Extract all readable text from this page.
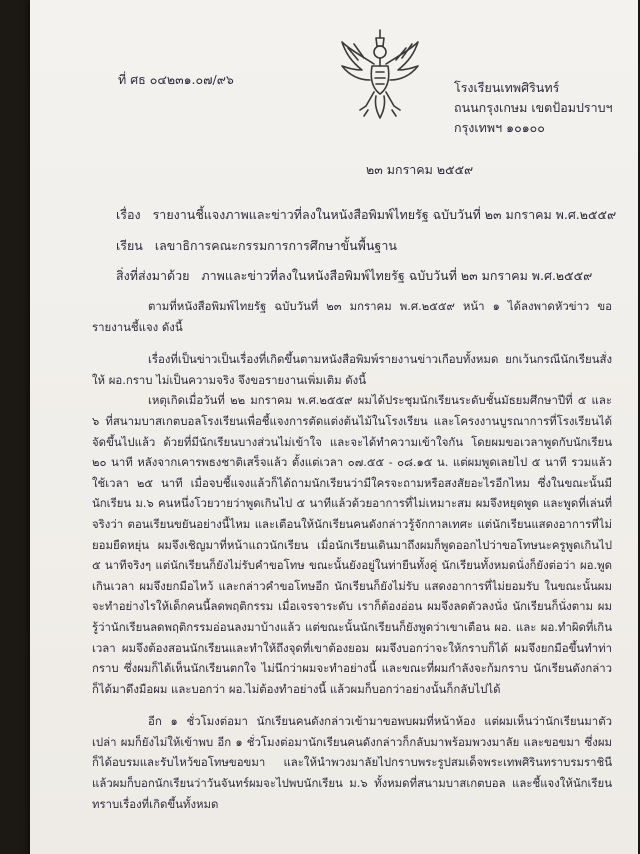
ที่ ศธ ๐๔๒๓๑.๐๗/๙๖
โรงเรียนเทพศิรินทร์
ถนนกรุงเกษม เขตป้อมปราบฯ
กรุงเทพฯ ๑๐๑๐๐
๒๓ มกราคม ๒๕๕๙
เรื่อง รายงานชี้แจงภาพและข่าวที่ลงในหนังสือพิมพ์ไทยรัฐ ฉบับวันที่ ๒๓ มกราคม พ.ศ.๒๕๕๙
เรียน เลขาธิการคณะกรรมการการศึกษาขั้นพื้นฐาน
สิ่งที่ส่งมาด้วย ภาพและข่าวที่ลงในหนังสือพิมพ์ไทยรัฐ ฉบับวันที่ ๒๓ มกราคม พ.ศ.๒๕๕๙

ตามที่หนังสือพิมพ์ไทยรัฐ ฉบับวันที่ ๒๓ มกราคม พ.ศ.๒๕๕๙ หน้า ๑ ได้ลงพาดหัวข่าว ขอรายงานชี้แจง ดังนี้

เรื่องที่เป็นข่าวเป็นเรื่องที่เกิดขึ้นตามหนังสือพิมพ์รายงานข่าวเกือบทั้งหมด ยกเว้นกรณีนักเรียนสั่งให้ ผอ.กราบ ไม่เป็นความจริง จึงขอรายงานเพิ่มเติม ดังนี้

เหตุเกิดเมื่อวันที่ ๒๒ มกราคม พ.ศ.๒๕๕๙ ผมได้ประชุมนักเรียนระดับชั้นมัธยมศึกษาปีที่ ๕ และ ๖ ที่สนามบาสเกตบอลโรงเรียนเพื่อชี้แจงการตัดแต่งต้นไม้ในโรงเรียน และโครงงานบูรณาการที่โรงเรียนได้จัดขึ้นไปแล้ว ด้วยที่มีนักเรียนบางส่วนไม่เข้าใจ และจะได้ทำความเข้าใจกัน โดยผมขอเวลาพูดกับนักเรียน ๒๐ นาที หลังจากเคารพธงชาติเสร็จแล้ว ตั้งแต่เวลา ๐๗.๕๕ - ๐๘.๑๕ น. แต่ผมพูดเลยไป ๕ นาที รวมแล้วใช้เวลา ๒๕ นาที เมื่อจบชี้แจงแล้วก็ได้ถามนักเรียนว่ามีใครจะถามหรือสงสัยอะไรอีกไหม ซึ่งในขณะนั้นมีนักเรียน ม.๖ คนหนึ่งโวยวายว่าพูดเกินไป ๕ นาทีแล้วด้วยอาการที่ไม่เหมาะสม ผมจึงหยุดพูด และพูดที่เล่นที่จริงว่า ตอนเรียนขยันอย่างนี้ไหม และเตือนให้นักเรียนคนดังกล่าวรู้จักกาลเทศะ แต่นักเรียนแสดงอาการที่ไม่ยอมยืดหยุ่น ผมจึงเชิญมาที่หน้าแถวนักเรียน เมื่อนักเรียนเดินมาถึงผมก็พูดออกไปว่าขอโทษนะครูพูดเกินไป ๕ นาทีจริงๆ แต่นักเรียนก็ยังไม่รับคำขอโทษ ขณะนั้นยังอยู่ในท่ายืนทั้งคู่ นักเรียนทั้งหมดนั่งก็ยังต่อว่า ผอ.พูดเกินเวลา ผมจึงยกมือไหว้ และกล่าวคำขอโทษอีก นักเรียนก็ยังไม่รับ แสดงอาการที่ไม่ยอมรับ ในขณะนั้นผมจะทำอย่างไรให้เด็กคนนี้ลดพฤติกรรม เมื่อเจรจาระดับ เราก็ต้องอ่อน ผมจึงลดตัวลงนั่ง นักเรียนก็นั่งตาม ผมรู้ว่านักเรียนลดพฤติกรรมอ่อนลงมาบ้างแล้ว แต่ขณะนั้นนักเรียนก็ยังพูดว่าเขาเตือน ผอ. และ ผอ.ทำผิดที่เกินเวลา ผมจึงต้องสอนนักเรียนและทำให้ถึงจุดที่เขาต้องยอม ผมจึงบอกว่าจะให้กราบก็ได้ ผมจึงยกมือขึ้นทำท่ากราบ ซึ่งผมก็ได้เห็นนักเรียนตกใจ ไม่นึกว่าผมจะทำอย่างนี้ และขณะที่ผมกำลังจะก้มกราบ นักเรียนดังกล่าวก็ได้มาดึงมือผม และบอกว่า ผอ.ไม่ต้องทำอย่างนี้ แล้วผมก็บอกว่าอย่างนั้นก็กลับไปได้

อีก ๑ ชั่วโมงต่อมา นักเรียนคนดังกล่าวเข้ามาขอพบผมที่หน้าห้อง แต่ผมเห็นว่านักเรียนมาตัวเปล่า ผมก็ยังไม่ให้เข้าพบ อีก ๑ ชั่วโมงต่อมานักเรียนคนดังกล่าวก็กลับมาพร้อมพวงมาลัย และขอขมา ซึ่งผมก็ได้อบรมและรับไหว้ขอโทษขอขมา และให้นำพวงมาลัยไปกราบพระรูปสมเด็จพระเทพศิรินทราบรมราชินี แล้วผมก็บอกนักเรียนว่าวันจันทร์ผมจะไปพบนักเรียน ม.๖ ทั้งหมดที่สนามบาสเกตบอล และชี้แจงให้นักเรียนทราบเรื่องที่เกิดขึ้นทั้งหมด
